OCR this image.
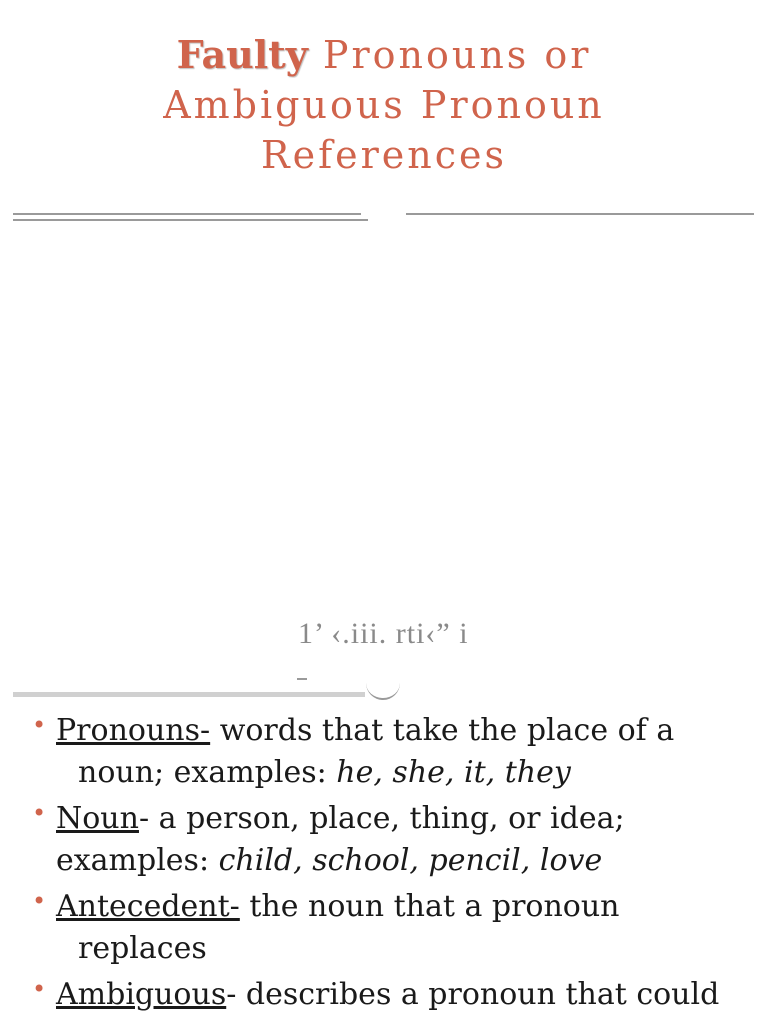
Faulty Pronouns or
Ambiguous Pronoun
References
1’ ‹.iii. rti‹” i
• Pronouns- words that take the place of a
noun; examples: he, she, it, they
• Noun- a person, place, thing, or idea;
examples: child, school, pencil, love
• Antecedent- the noun that a pronoun
replaces
• Ambiguous- describes a pronoun that could
